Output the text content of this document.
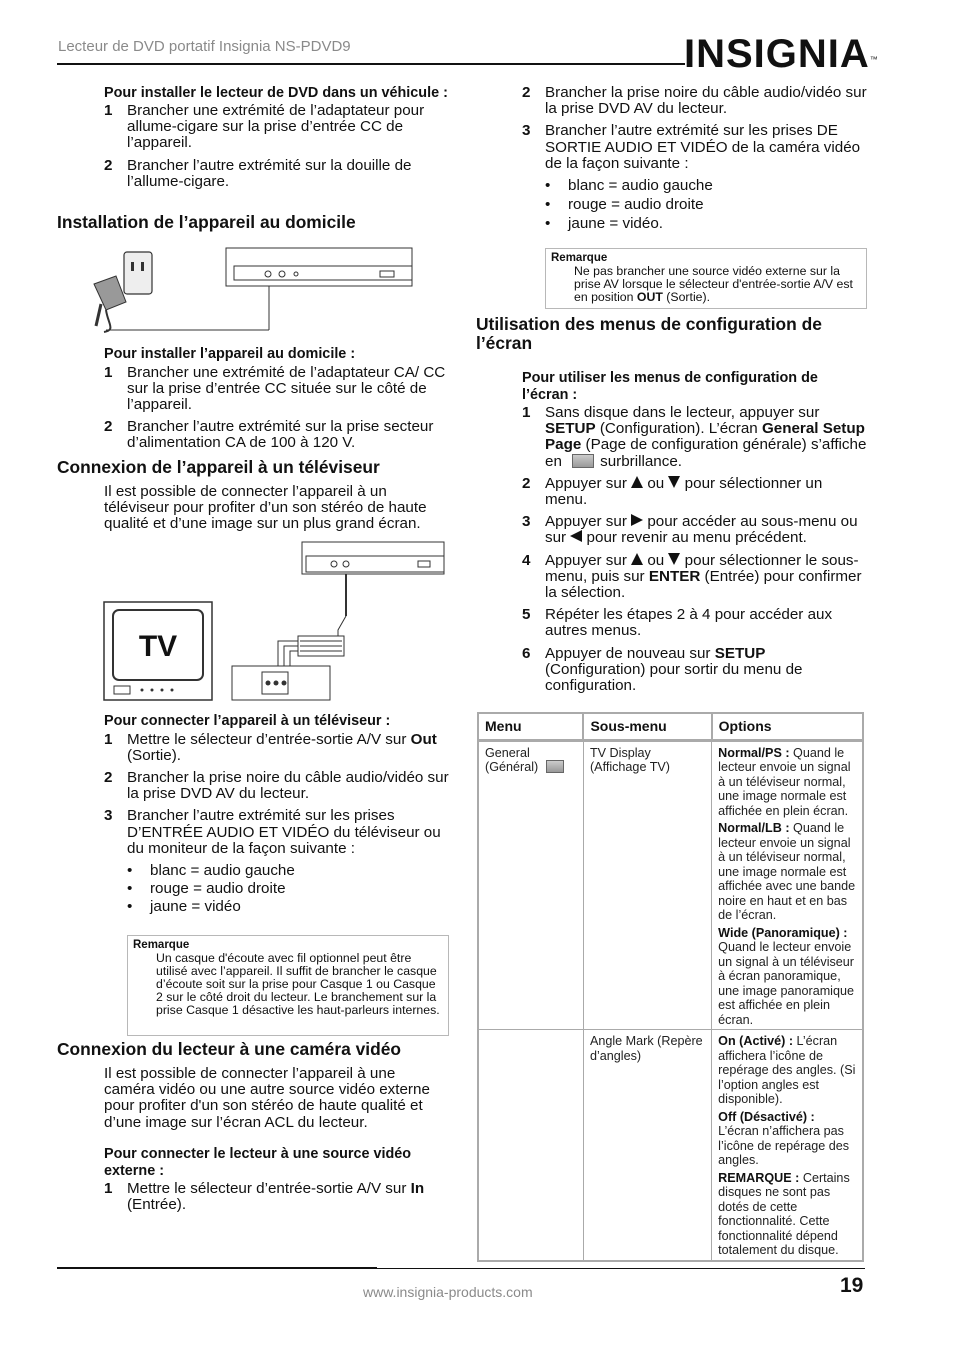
Lecteur de DVD portatif Insignia NS-PDVD9	INSIGNIA™
Pour installer le lecteur de DVD dans un véhicule :
1 Brancher une extrémité de l’adaptateur pour allume-cigare sur la prise d’entrée CC de l’appareil.
2 Brancher l’autre extrémité sur la douille de l’allume-cigare.
Installation de l’appareil au domicile
Pour installer l’appareil au domicile :
1 Brancher une extrémité de l’adaptateur CA/ CC sur la prise d’entrée CC située sur le côté de l’appareil.
2 Brancher l’autre extrémité sur la prise secteur d’alimentation CA de 100 à 120 V.
Connexion de l’appareil à un téléviseur
Il est possible de connecter l’appareil à un téléviseur pour profiter d’un son stéréo de haute qualité et d’une image sur un plus grand écran.
TV
Pour connecter l’appareil à un téléviseur :
1 Mettre le sélecteur d’entrée-sortie A/V sur Out (Sortie).
2 Brancher la prise noire du câble audio/vidéo sur la prise DVD AV du lecteur.
3 Brancher l’autre extrémité sur les prises D’ENTRÉE AUDIO ET VIDÉO du téléviseur ou du moniteur de la façon suivante :
• blanc = audio gauche
• rouge = audio droite
• jaune = vidéo
Remarque
Un casque d'écoute avec fil optionnel peut être utilisé avec l’appareil. Il suffit de brancher le casque d’écoute soit sur la prise pour Casque 1 ou Casque 2 sur le côté droit du lecteur. Le branchement sur la prise Casque 1 désactive les haut-parleurs internes.
Connexion du lecteur à une caméra vidéo
Il est possible de connecter l’appareil à une caméra vidéo ou une autre source vidéo externe pour profiter d'un son stéréo de haute qualité et d’une image sur l’écran ACL du lecteur.
Pour connecter le lecteur à une source vidéo externe :
1 Mettre le sélecteur d’entrée-sortie A/V sur In (Entrée).
2 Brancher la prise noire du câble audio/vidéo sur la prise DVD AV du lecteur.
3 Brancher l’autre extrémité sur les prises DE SORTIE AUDIO ET VIDÉO de la caméra vidéo de la façon suivante :
• blanc = audio gauche
• rouge = audio droite
• jaune = vidéo.
Remarque
Ne pas brancher une source vidéo externe sur la prise AV lorsque le sélecteur d'entrée-sortie A/V est en position OUT (Sortie).
Utilisation des menus de configuration de l’écran
Pour utiliser les menus de configuration de l’écran :
1 Sans disque dans le lecteur, appuyer sur SETUP (Configuration). L’écran General Setup Page (Page de configuration générale) s’affiche en surbrillance.
2 Appuyer sur  ou  pour sélectionner un menu.
3 Appuyer sur  pour accéder au sous-menu ou sur  pour revenir au menu précédent.
4 Appuyer sur  ou  pour sélectionner le sous-menu, puis sur ENTER (Entrée) pour confirmer la sélection.
5 Répéter les étapes 2 à 4 pour accéder aux autres menus.
6 Appuyer de nouveau sur SETUP (Configuration) pour sortir du menu de configuration.
Menu	Sous-menu	Options
General (Général)	TV Display (Affichage TV)	Normal/PS : Quand le lecteur envoie un signal à un téléviseur normal, une image normale est affichée en plein écran.
Normal/LB : Quand le lecteur envoie un signal à un téléviseur normal, une image normale est affichée avec une bande noire en haut et en bas de l’écran.
Wide (Panoramique) : Quand le lecteur envoie un signal à un téléviseur à écran panoramique, une image panoramique est affichée en plein écran.

	Angle Mark (Repère d’angles)	On (Activé) : L’écran affichera l’icône de repérage des angles. (Si l’option angles est disponible).
Off (Désactivé) : L’écran n’affichera pas l’icône de repérage des angles.
REMARQUE : Certains disques ne sont pas dotés de cette fonctionnalité. Cette fonctionnalité dépend totalement du disque.
www.insignia-products.com	19
